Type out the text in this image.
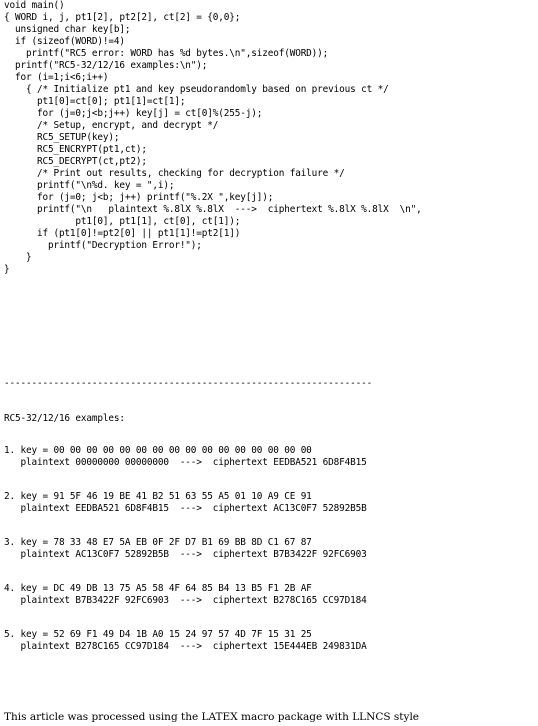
void main()
{ WORD i, j, pt1[2], pt2[2], ct[2] = {0,0};
unsigned char key[b];
if (sizeof(WORD)!=4)
printf("RC5 error: WORD has %d bytes.\n",sizeof(WORD));
printf("RC5-32/12/16 examples:\n");
for (i=1;i<6;i++)
{ /* Initialize pt1 and key pseudorandomly based on previous ct */
pt1[0]=ct[0]; pt1[1]=ct[1];
for (j=0;j<b;j++) key[j] = ct[0]%(255-j);
/* Setup, encrypt, and decrypt */
RC5_SETUP(key);
RC5_ENCRYPT(pt1,ct);
RC5_DECRYPT(ct,pt2);
/* Print out results, checking for decryption failure */
printf("\n%d. key = ",i);
for (j=0; j<b; j++) printf("%.2X ",key[j]);
printf("\n   plaintext %.8lX %.8lX  --->  ciphertext %.8lX %.8lX  \n",
pt1[0], pt1[1], ct[0], ct[1]);
if (pt1[0]!=pt2[0] || pt1[1]!=pt2[1])
printf("Decryption Error!");
}
}
-------------------------------------------------------------------
RC5-32/12/16 examples:
1. key = 00 00 00 00 00 00 00 00 00 00 00 00 00 00 00 00
plaintext 00000000 00000000  --->  ciphertext EEDBA521 6D8F4B15
2. key = 91 5F 46 19 BE 41 B2 51 63 55 A5 01 10 A9 CE 91
plaintext EEDBA521 6D8F4B15  --->  ciphertext AC13C0F7 52892B5B
3. key = 78 33 48 E7 5A EB 0F 2F D7 B1 69 BB 8D C1 67 87
plaintext AC13C0F7 52892B5B  --->  ciphertext B7B3422F 92FC6903
4. key = DC 49 DB 13 75 A5 58 4F 64 85 B4 13 B5 F1 2B AF
plaintext B7B3422F 92FC6903  --->  ciphertext B278C165 CC97D184
5. key = 52 69 F1 49 D4 1B A0 15 24 97 57 4D 7F 15 31 25
plaintext B278C165 CC97D184  --->  ciphertext 15E444EB 249831DA
This article was processed using the LATEX macro package with LLNCS style
